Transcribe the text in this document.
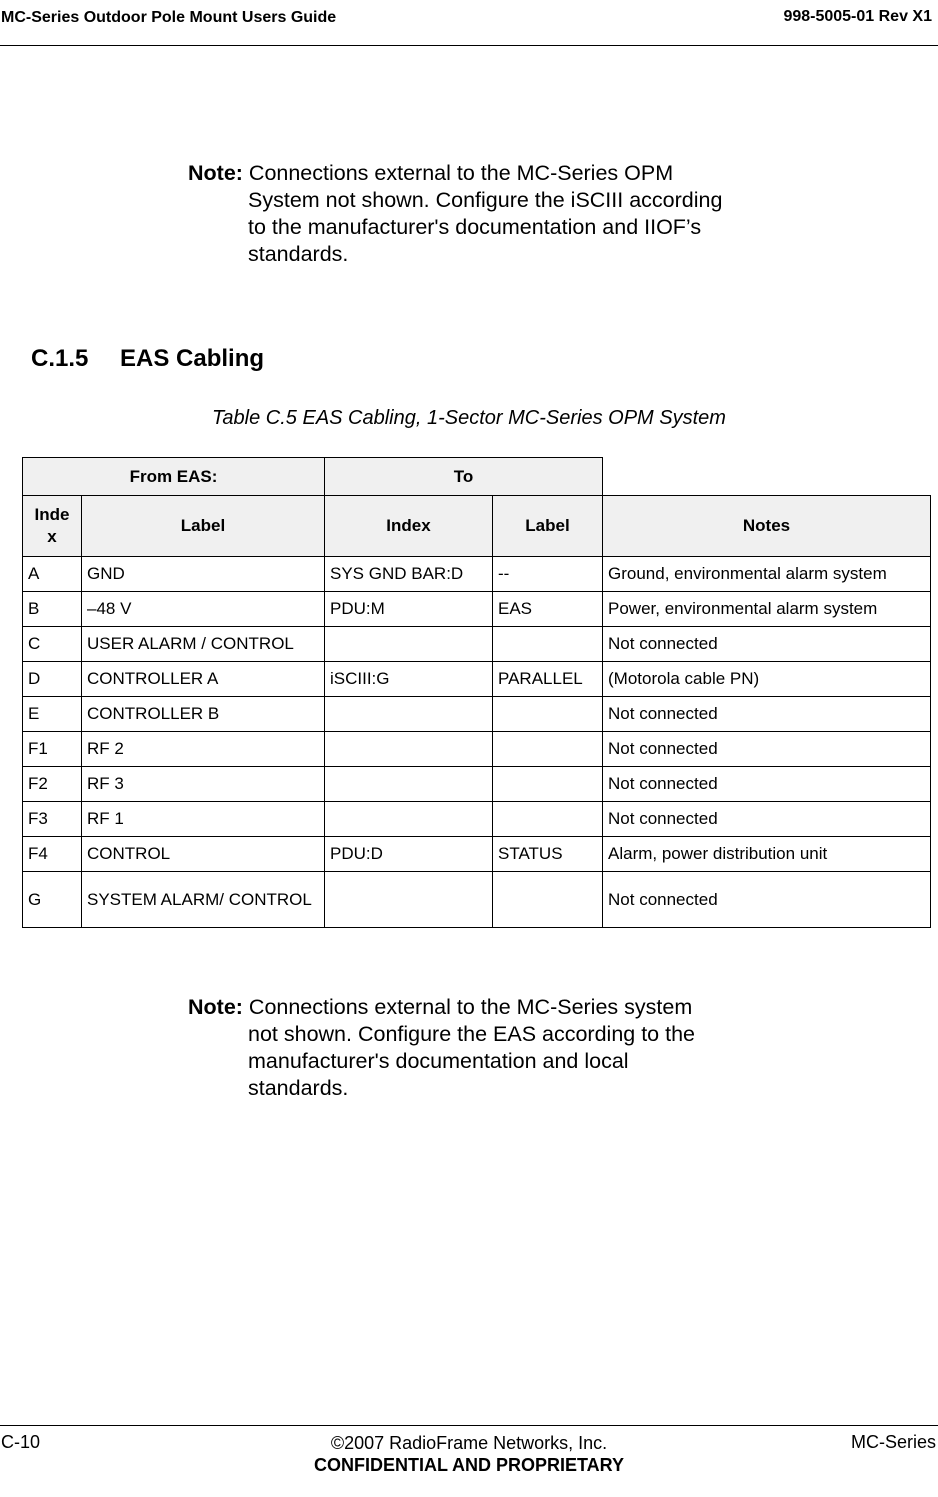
MC-Series Outdoor Pole Mount Users Guide	998-5005-01 Rev X1
Note: Connections external to the MC-Series OPM
System not shown. Configure the iSCIII according
to the manufacturer's documentation and IIOF’s
standards.
C.1.5 EAS Cabling
Table C.5 EAS Cabling, 1-Sector MC-Series OPM System
From EAS:		To		
Inde x	Label	Index	Label	Notes
A	GND	SYS GND BAR:D	--	Ground, environmental alarm system
B	–48 V	PDU:M	EAS	Power, environmental alarm system
C	USER ALARM / CONTROL			Not connected
D	CONTROLLER A	iSCIII:G	PARALLEL	(Motorola cable PN)
E	CONTROLLER B			Not connected
F1	RF 2			Not connected
F2	RF 3			Not connected
F3	RF 1			Not connected
F4	CONTROL	PDU:D	STATUS	Alarm, power distribution unit
G	SYSTEM ALARM/ CONTROL			Not connected
Note: Connections external to the MC-Series system
not shown. Configure the EAS according to the
manufacturer's documentation and local
standards.
C-10	©2007 RadioFrame Networks, Inc.
CONFIDENTIAL AND PROPRIETARY
MC-Series
